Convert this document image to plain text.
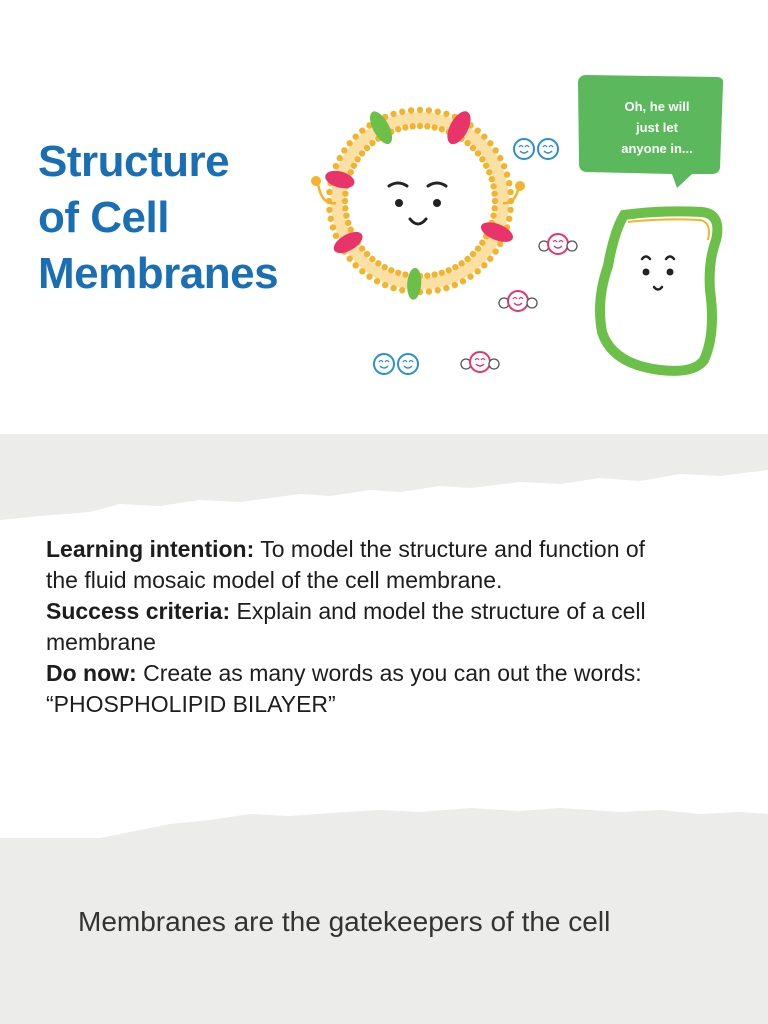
Structure
of Cell
Membranes
Oh, he will
just let
anyone in...

Learning intention: To model the structure and function of the fluid mosaic model of the cell membrane.

Success criteria: Explain and model the structure of a cell membrane

Do now: Create as many words as you can out the words: “PHOSPHOLIPID BILAYER”

Membranes are the gatekeepers of the cell
